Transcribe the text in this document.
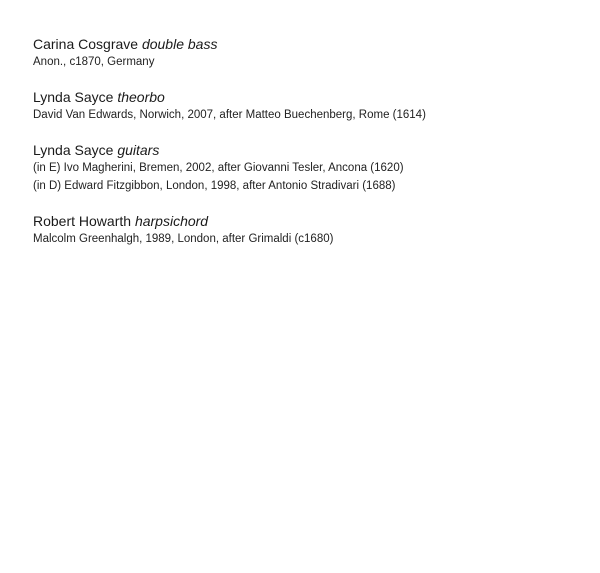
Carina Cosgrave double bass

Anon., c1870, Germany

Lynda Sayce theorbo

David Van Edwards, Norwich, 2007, after Matteo Buechenberg, Rome (1614)

Lynda Sayce guitars

(in E) Ivo Magherini, Bremen, 2002, after Giovanni Tesler, Ancona (1620)

(in D) Edward Fitzgibbon, London, 1998, after Antonio Stradivari (1688)

Robert Howarth harpsichord

Malcolm Greenhalgh, 1989, London, after Grimaldi (c1680)
